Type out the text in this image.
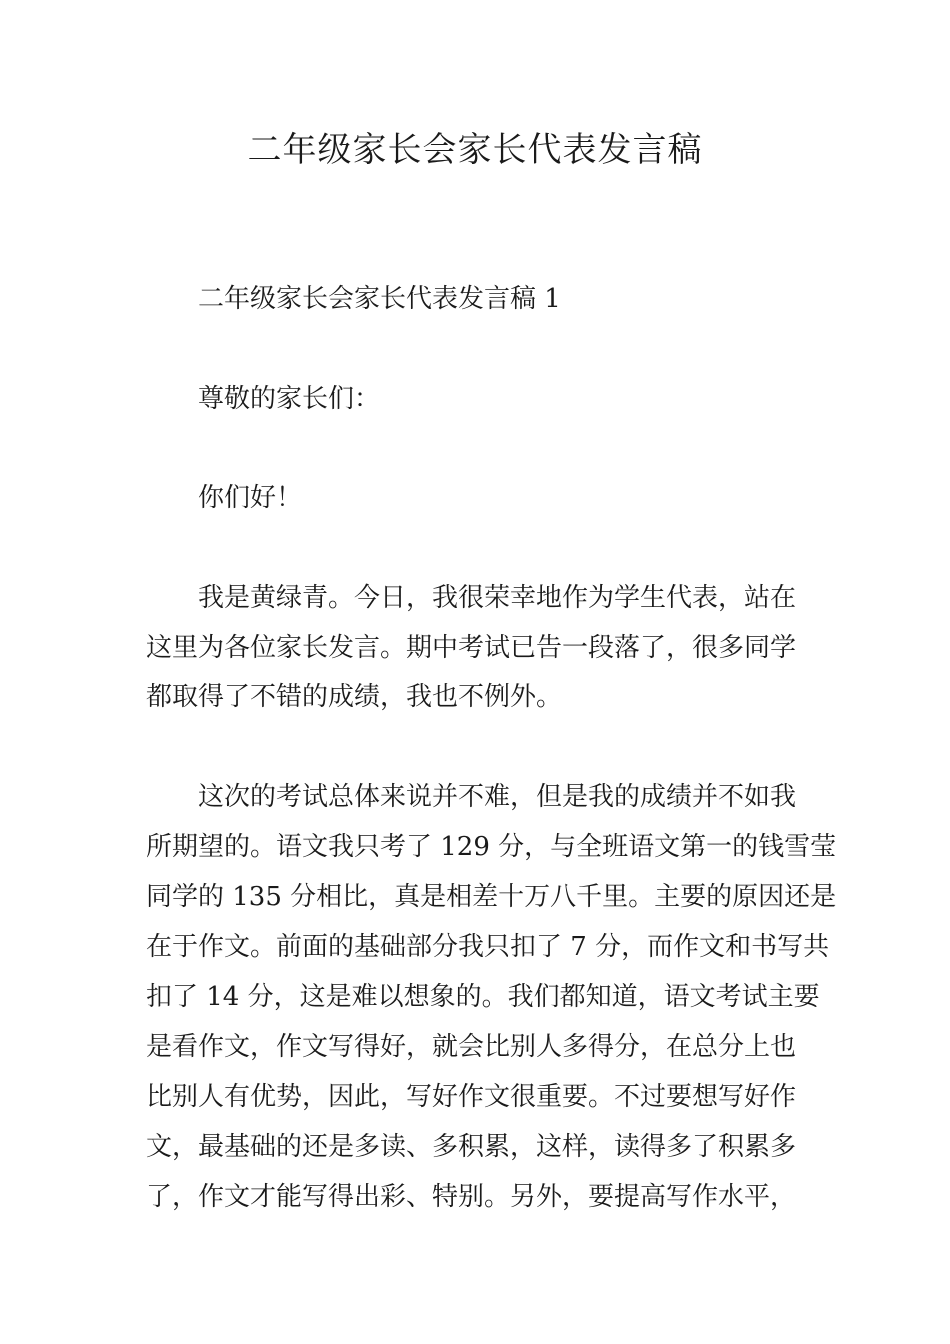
二年级家长会家长代表发言稿

二年级家长会家长代表发言稿 1

尊敬的家长们：

你们好！

我是黄绿青。今日，我很荣幸地作为学生代表，站在

这里为各位家长发言。期中考试已告一段落了，很多同学

都取得了不错的成绩，我也不例外。

这次的考试总体来说并不难，但是我的成绩并不如我

所期望的。语文我只考了 129 分，与全班语文第一的钱雪莹

同学的 135 分相比，真是相差十万八千里。主要的原因还是

在于作文。前面的基础部分我只扣了 7 分，而作文和书写共

扣了 14 分，这是难以想象的。我们都知道，语文考试主要

是看作文，作文写得好，就会比别人多得分，在总分上也

比别人有优势，因此，写好作文很重要。不过要想写好作

文，最基础的还是多读、多积累，这样，读得多了积累多

了，作文才能写得出彩、特别。另外，要提高写作水平，
